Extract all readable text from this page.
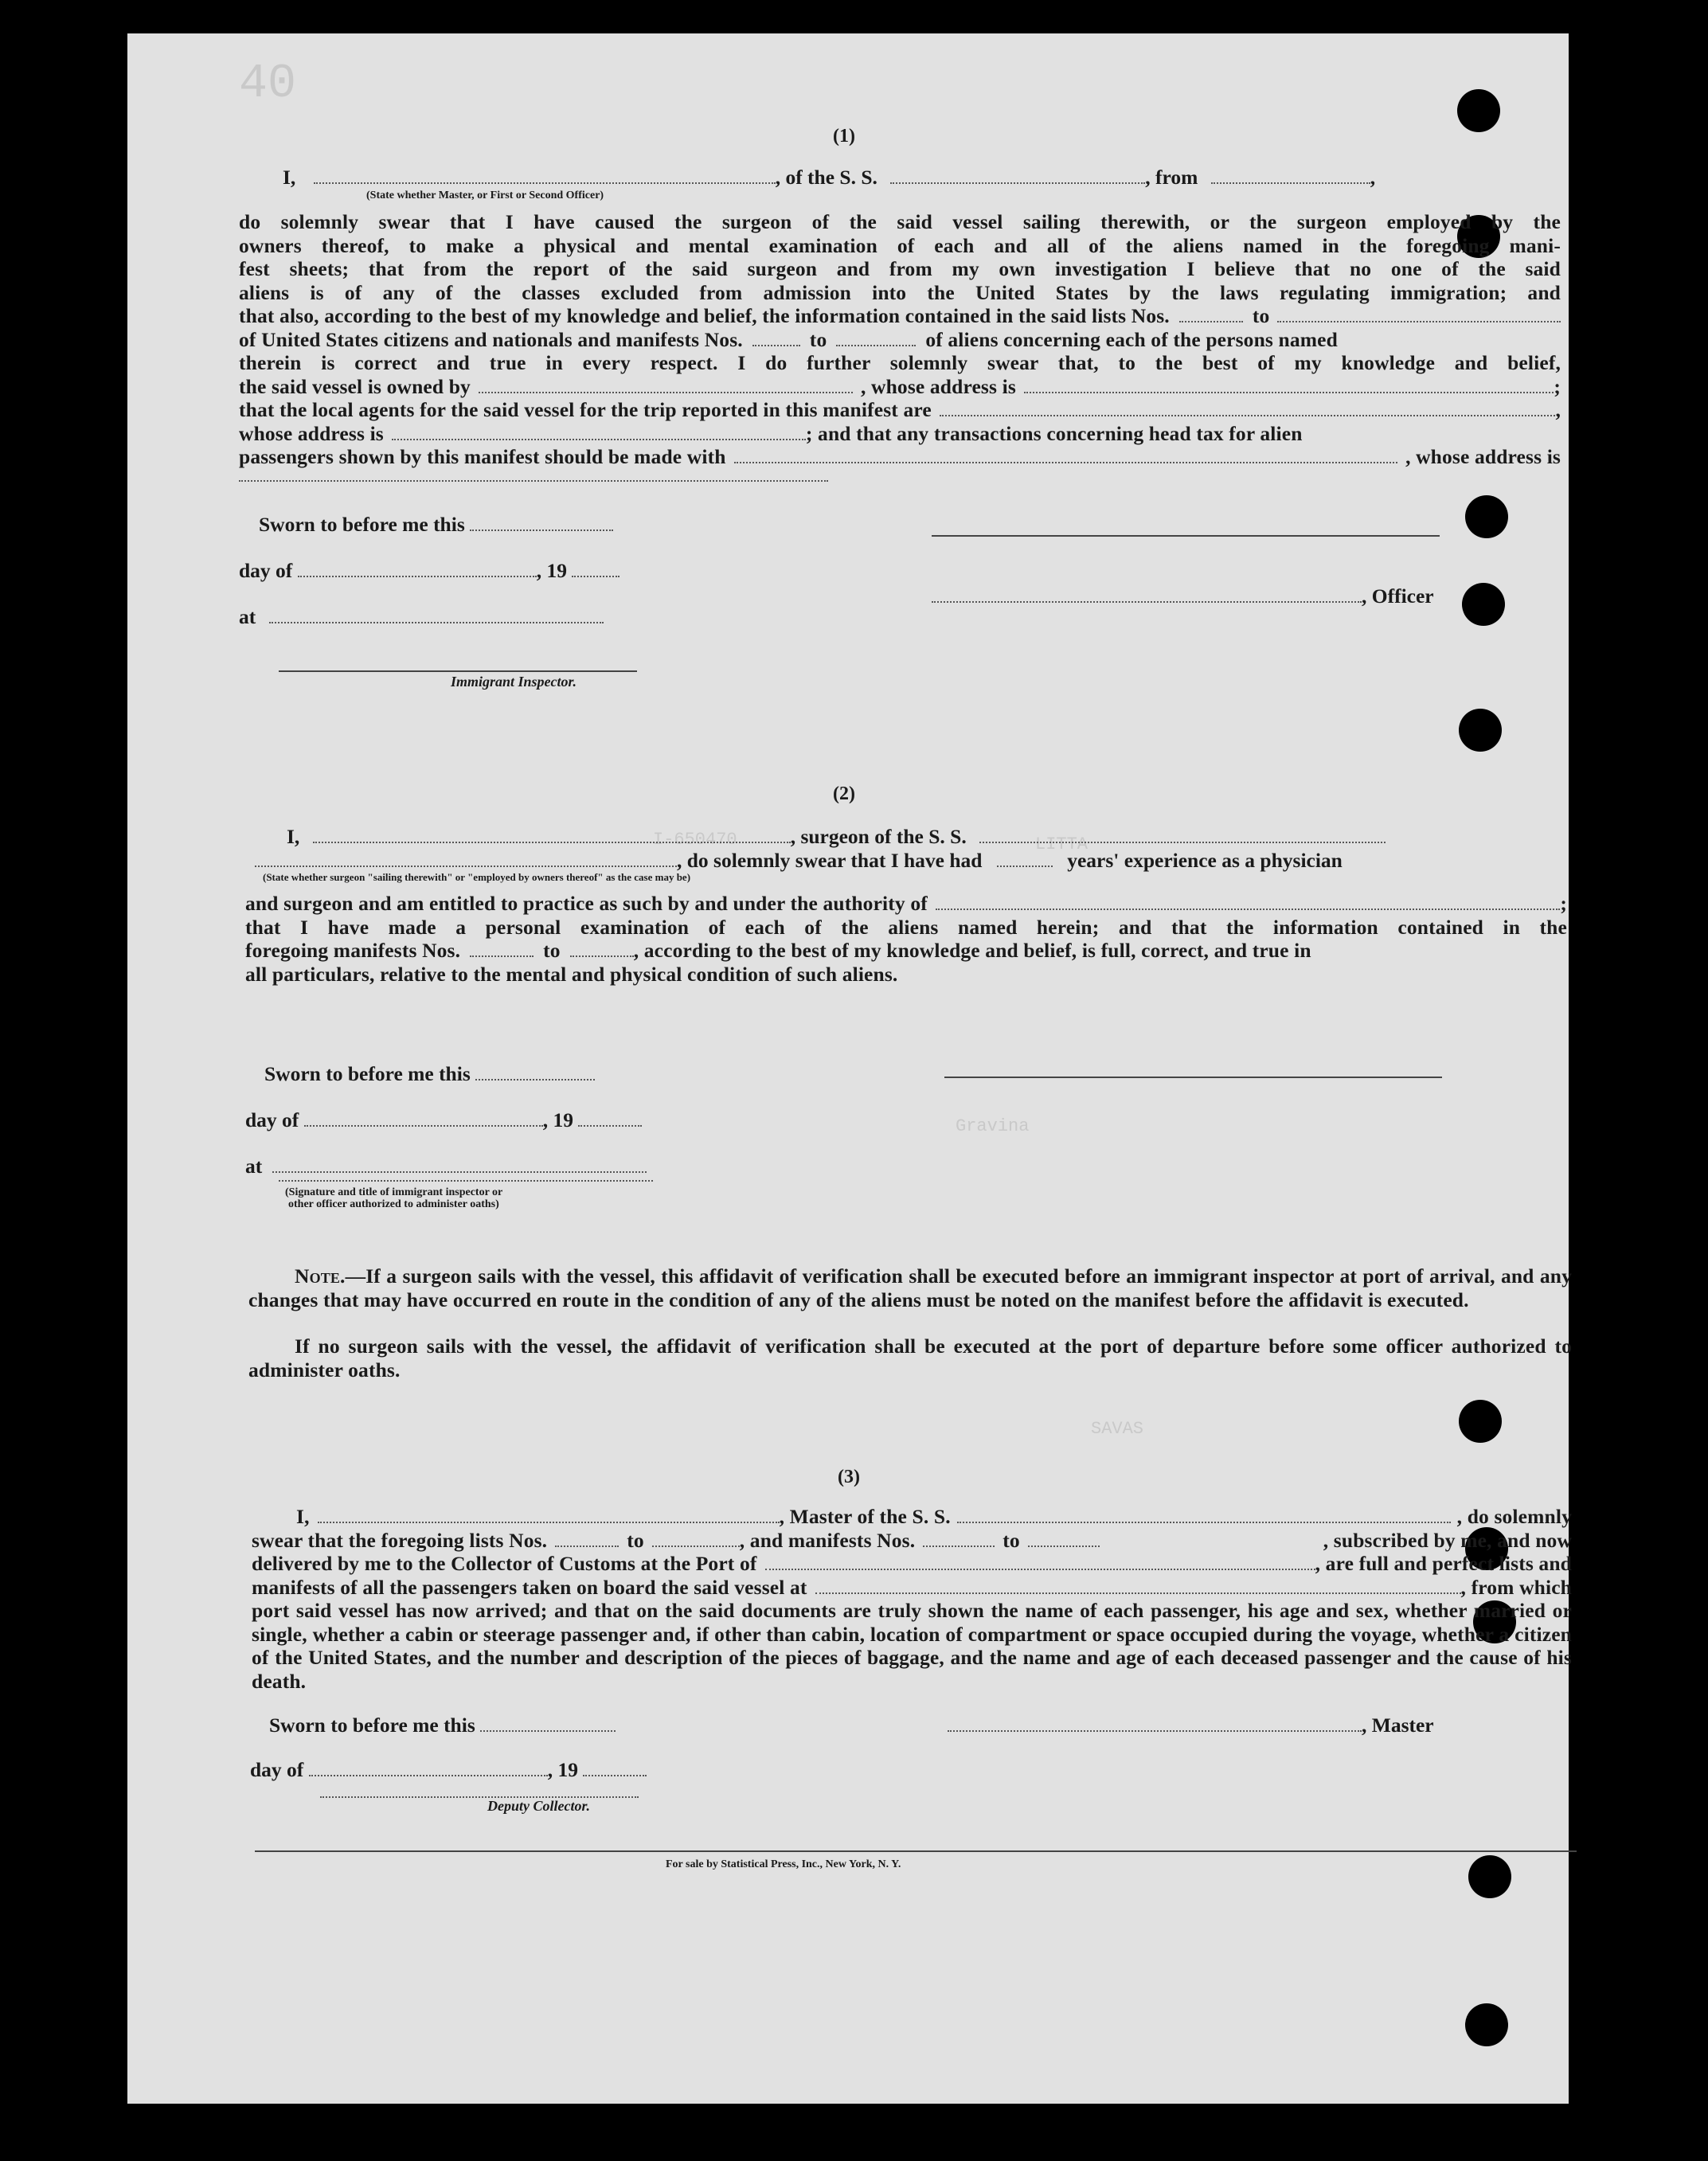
40
I-650470	LITTA
Gravina
SAVAS
(1)
I,	, of the S. S.	, from	,
(State whether Master, or First or Second Officer)
do solemnly swear that I have caused the surgeon of the said vessel sailing therewith, or the surgeon employed by the
owners thereof, to make a physical and mental examination of each and all of the aliens named in the foregoing mani-
fest sheets; that from the report of the said surgeon and from my own investigation I believe that no one of the said
aliens is of any of the classes excluded from admission into the United States by the laws regulating immigration; and
that also, according to the best of my knowledge and belief, the information contained in the said lists Nos.	to
of United States citizens and nationals and manifests Nos.	to	of aliens concerning each of the persons named
therein is correct and true in every respect. I do further solemnly swear that, to the best of my knowledge and belief,
the said vessel is owned by	, whose address is	;
that the local agents for the said vessel for the trip reported in this manifest are	,
whose address is	; and that any transactions concerning head tax for alien
passengers shown by this manifest should be made with	, whose address is
Sworn to before me this
day of	, 19
, Officer
at
Immigrant Inspector.
(2)
I,	, surgeon of the S. S.
, do solemnly swear that I have had	years' experience as a physician
(State whether surgeon "sailing therewith" or "employed by owners thereof" as the case may be)
and surgeon and am entitled to practice as such by and under the authority of	;
that I have made a personal examination of each of the aliens named herein; and that the information contained in the
foregoing manifests Nos.	to	, according to the best of my knowledge and belief, is full, correct, and true in
all particulars, relative to the mental and physical condition of such aliens.
Sworn to before me this
day of	, 19
at
(Signature and title of immigrant inspector or
other officer authorized to administer oaths)
Note.—If a surgeon sails with the vessel, this affidavit of verification shall be executed before an immigrant inspector at port of arrival, and any changes that may have occurred en route in the condition of any of the aliens must be noted on the manifest before the affidavit is executed.
If no surgeon sails with the vessel, the affidavit of verification shall be executed at the port of departure before some officer authorized to administer oaths.
(3)
I,	, Master of the S. S.	, do solemnly
swear that the foregoing lists Nos.	to	, and manifests Nos.	to	, subscribed by me, and now
delivered by me to the Collector of Customs at the Port of	, are full and perfect lists and
manifests of all the passengers taken on board the said vessel at	, from which
port said vessel has now arrived; and that on the said documents are truly shown the name of each passenger, his age and sex, whether married or single, whether a cabin or steerage passenger and, if other than cabin, location of compartment or space occupied during the voyage, whether a citizen of the United States, and the number and description of the pieces of baggage, and the name and age of each deceased passenger and the cause of his death.
Sworn to before me this	, Master
day of	, 19
Deputy Collector.
For sale by Statistical Press, Inc., New York, N. Y.
